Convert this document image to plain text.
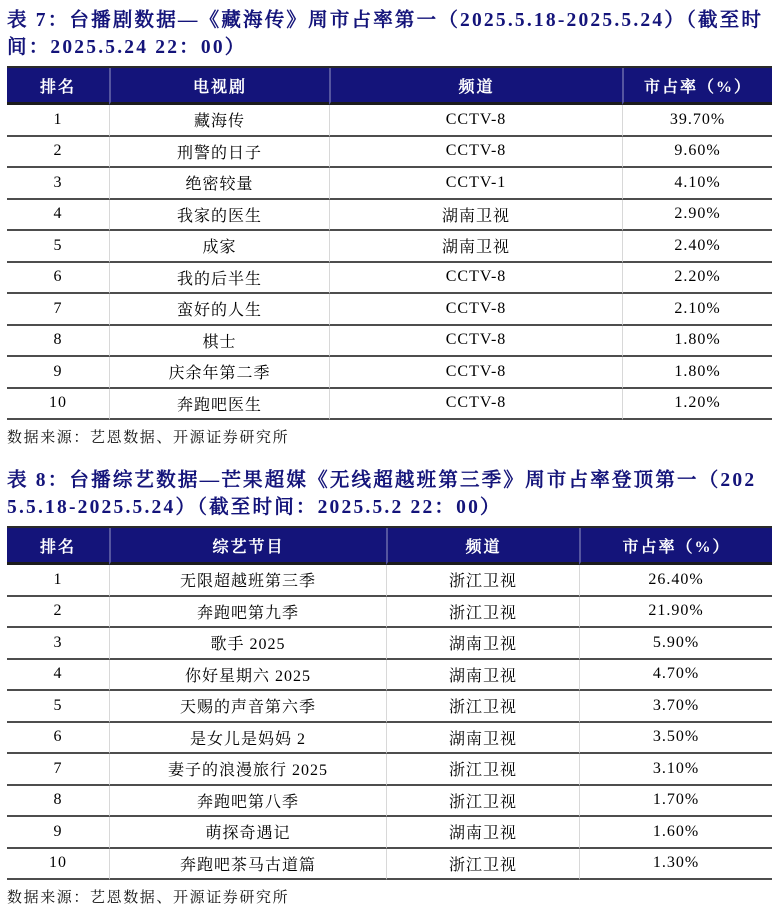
表 7：台播剧数据—《藏海传》周市占率第一（2025.5.18-2025.5.24）（截至时间：2025.5.24 22：00）
排名	电视剧	频道	市占率（%）
1	藏海传	CCTV-8	39.70%
2	刑警的日子	CCTV-8	9.60%
3	绝密较量	CCTV-1	4.10%
4	我家的医生	湖南卫视	2.90%
5	成家	湖南卫视	2.40%
6	我的后半生	CCTV-8	2.20%
7	蛮好的人生	CCTV-8	2.10%
8	棋士	CCTV-8	1.80%
9	庆余年第二季	CCTV-8	1.80%
10	奔跑吧医生	CCTV-8	1.20%
数据来源：艺恩数据、开源证券研究所
表 8：台播综艺数据—芒果超媒《无线超越班第三季》周市占率登顶第一（2025.5.18-2025.5.24）（截至时间：2025.5.2 22：00）
排名	综艺节目	频道	市占率（%）
1	无限超越班第三季	浙江卫视	26.40%
2	奔跑吧第九季	浙江卫视	21.90%
3	歌手 2025	湖南卫视	5.90%
4	你好星期六 2025	湖南卫视	4.70%
5	天赐的声音第六季	浙江卫视	3.70%
6	是女儿是妈妈 2	湖南卫视	3.50%
7	妻子的浪漫旅行 2025	浙江卫视	3.10%
8	奔跑吧第八季	浙江卫视	1.70%
9	萌探奇遇记	湖南卫视	1.60%
10	奔跑吧茶马古道篇	浙江卫视	1.30%
数据来源：艺恩数据、开源证券研究所
